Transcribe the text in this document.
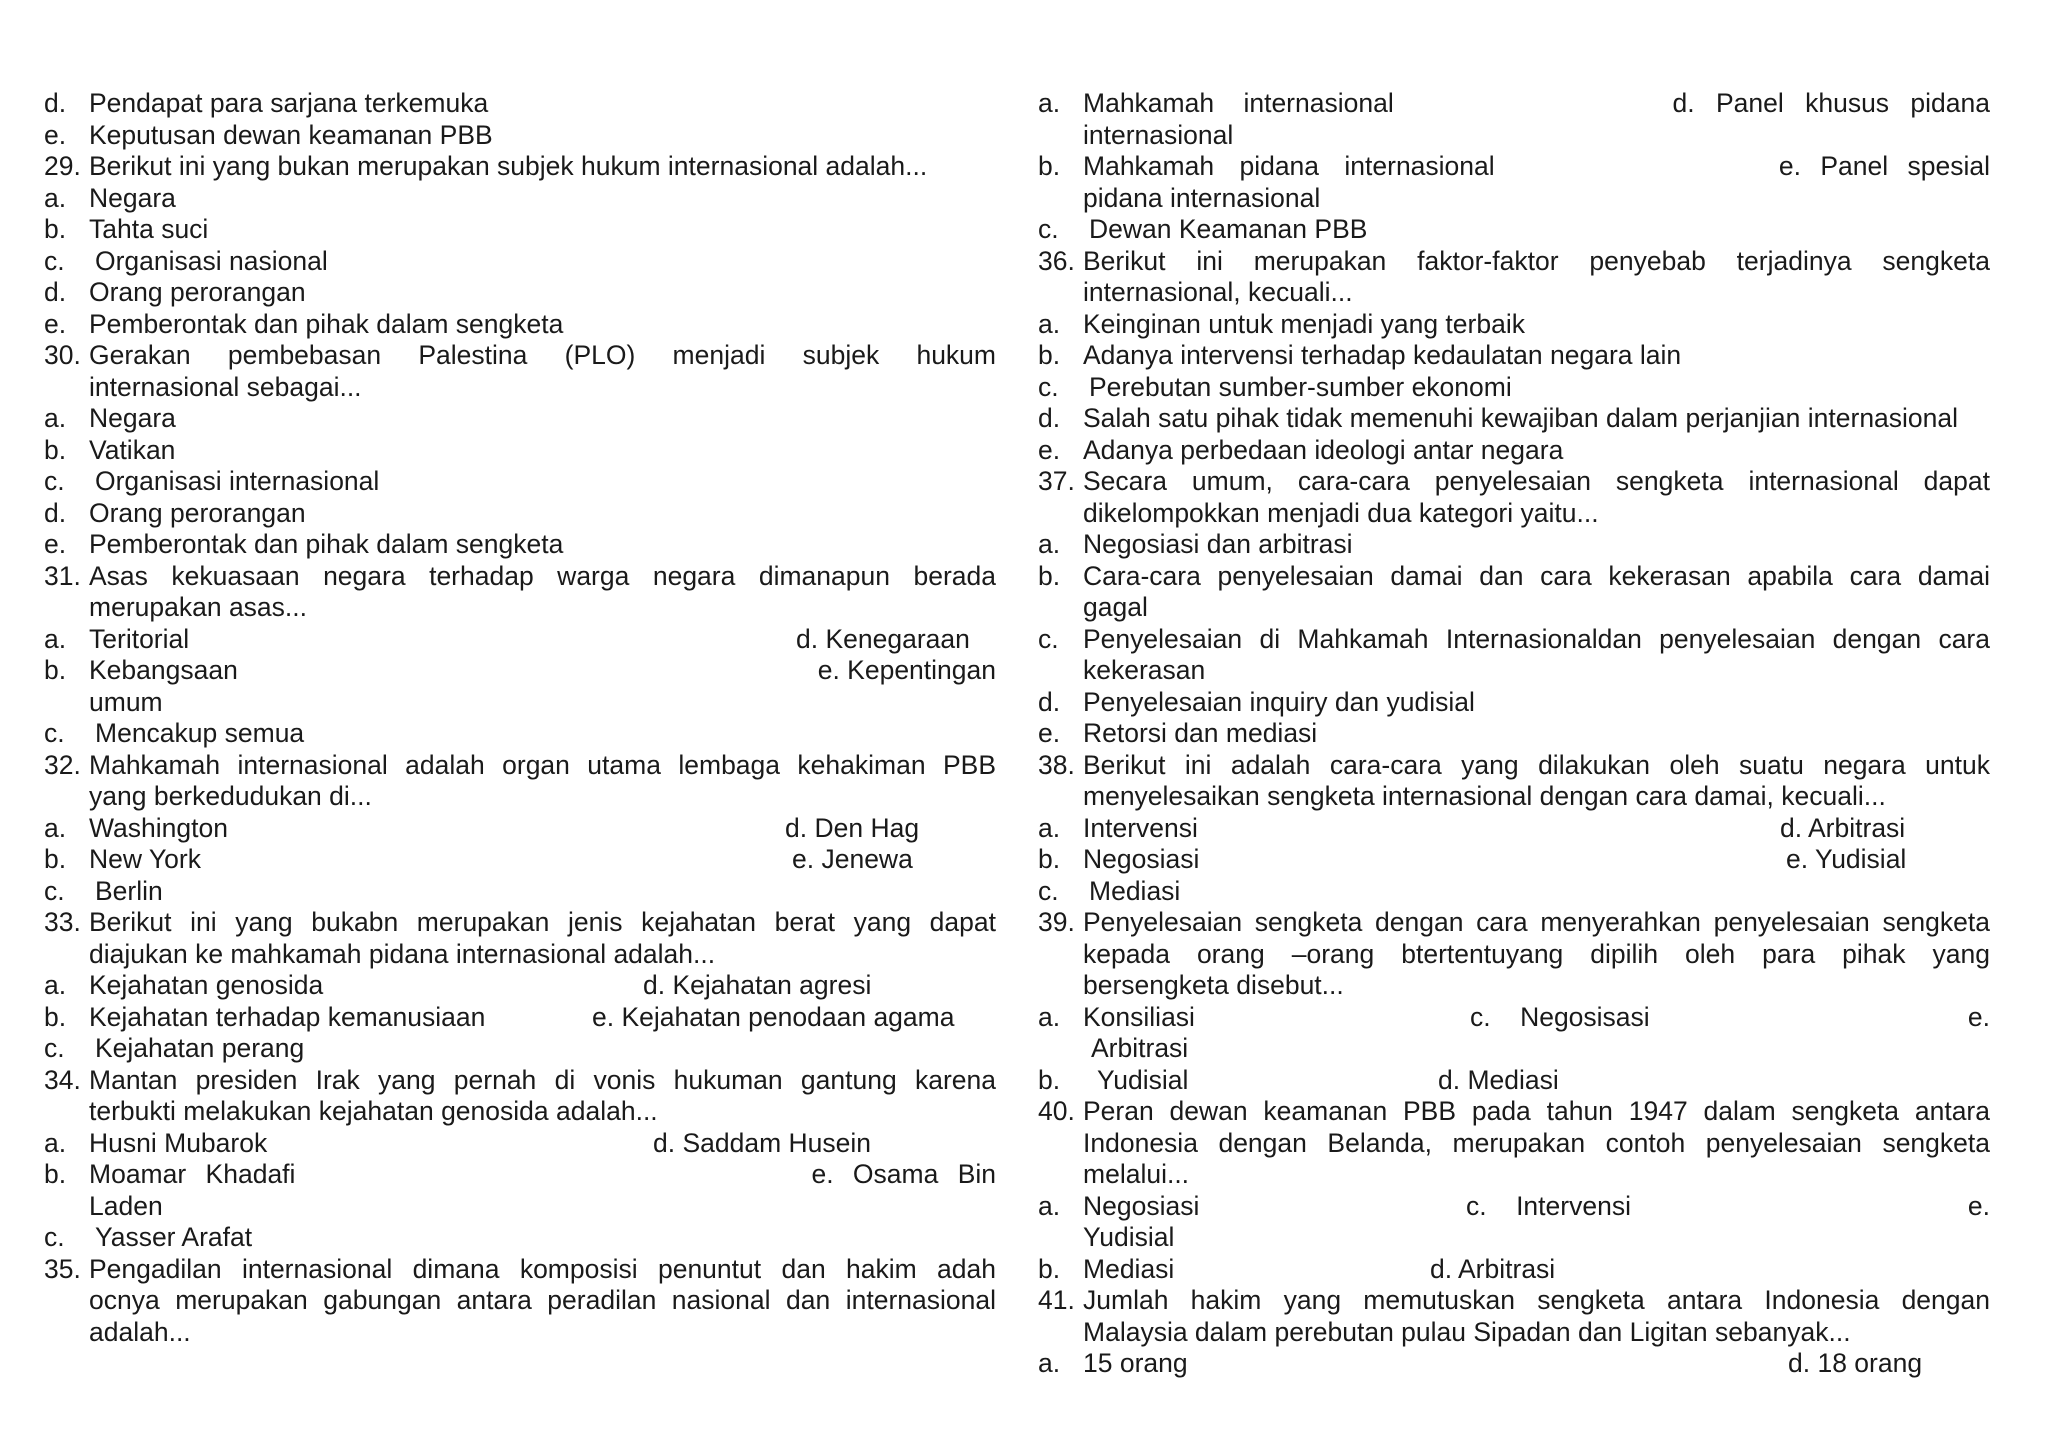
d. Pendapat para sarjana terkemuka
e. Keputusan dewan keamanan PBB
29. Berikut ini yang bukan merupakan subjek hukum internasional adalah...
a. Negara
b. Tahta suci
c. Organisasi nasional
d. Orang perorangan
e. Pemberontak dan pihak dalam sengketa
30. Gerakan pembebasan Palestina (PLO) menjadi subjek hukum
internasional sebagai...
a. Negara
b. Vatikan
c. Organisasi internasional
d. Orang perorangan
e. Pemberontak dan pihak dalam sengketa
31. Asas kekuasaan negara terhadap warga negara dimanapun berada
merupakan asas...
a. Teritorial	d. Kenegaraan
b. Kebangsaan	e. Kepentingan
umum
c. Mencakup semua
32. Mahkamah internasional adalah organ utama lembaga kehakiman PBB
yang berkedudukan di...
a. Washington	d. Den Hag
b. New York	e. Jenewa
c. Berlin
33. Berikut ini yang bukabn merupakan jenis kejahatan berat yang dapat
diajukan ke mahkamah pidana internasional adalah...
a. Kejahatan genosida	d. Kejahatan agresi
b. Kejahatan terhadap kemanusiaan	e. Kejahatan penodaan agama
c. Kejahatan perang
34. Mantan presiden Irak yang pernah di vonis hukuman gantung karena
terbukti melakukan kejahatan genosida adalah...
a. Husni Mubarok	d. Saddam Husein
b. Moamar Khadafi	e. Osama Bin
Laden
c. Yasser Arafat
35. Pengadilan internasional dimana komposisi penuntut dan hakim adah
ocnya merupakan gabungan antara peradilan nasional dan internasional
adalah...
a. Mahkamah internasional	d. Panel khusus pidana
internasional
b. Mahkamah pidana internasional	e. Panel spesial
pidana internasional
c. Dewan Keamanan PBB
36. Berikut ini merupakan faktor-faktor penyebab terjadinya sengketa
internasional, kecuali...
a. Keinginan untuk menjadi yang terbaik
b. Adanya intervensi terhadap kedaulatan negara lain
c. Perebutan sumber-sumber ekonomi
d. Salah satu pihak tidak memenuhi kewajiban dalam perjanjian internasional
e. Adanya perbedaan ideologi antar negara
37. Secara umum, cara-cara penyelesaian sengketa internasional dapat
dikelompokkan menjadi dua kategori yaitu...
a. Negosiasi dan arbitrasi
b. Cara-cara penyelesaian damai dan cara kekerasan apabila cara damai
gagal
c. Penyelesaian di Mahkamah Internasionaldan penyelesaian dengan cara
kekerasan
d. Penyelesaian inquiry dan yudisial
e. Retorsi dan mediasi
38. Berikut ini adalah cara-cara yang dilakukan oleh suatu negara untuk
menyelesaikan sengketa internasional dengan cara damai, kecuali...
a. Intervensi	d. Arbitrasi
b. Negosiasi	e. Yudisial
c. Mediasi
39. Penyelesaian sengketa dengan cara menyerahkan penyelesaian sengketa
kepada orang –orang btertentuyang dipilih oleh para pihak yang
bersengketa disebut...
a. Konsiliasi	c.    Negosisasi	e.
Arbitrasi
b. Yudisial	d. Mediasi
40. Peran dewan keamanan PBB pada tahun 1947 dalam sengketa antara
Indonesia dengan Belanda, merupakan contoh penyelesaian sengketa
melalui...
a. Negosiasi	c.    Intervensi	e.
Yudisial
b. Mediasi	d. Arbitrasi
41. Jumlah hakim yang memutuskan sengketa antara Indonesia dengan
Malaysia dalam perebutan pulau Sipadan dan Ligitan sebanyak...
a. 15 orang	d. 18 orang
